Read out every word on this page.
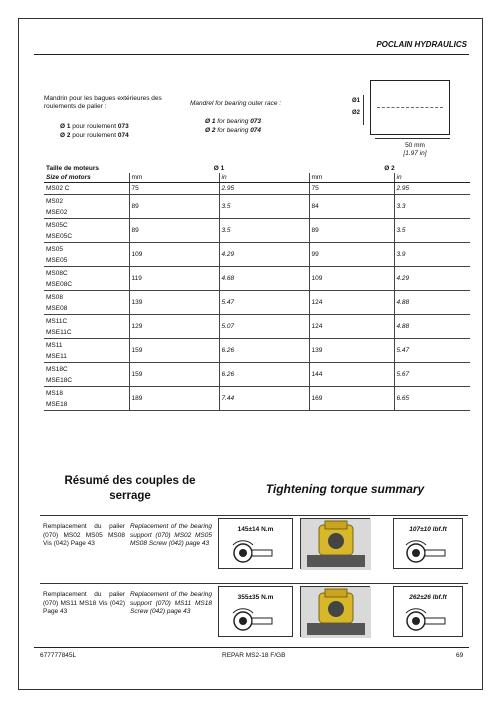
POCLAIN HYDRAULICS
Mandrin pour les bagues extérieures des roulements de palier :	Mandrel for bearing outer race :
Ø 1 pour roulement 073
Ø 2 pour roulement 074
Ø 1 for bearing 073
Ø 2 for bearing 074
Ø1
Ø2
50 mm
[1.97 in]
Taille de moteurs	Ø 1		Ø 2	
Size of motors	mm	in	mm	in

MS02 C	75	2.95	75	2.95

MS02
MSE02	89	3.5	84	3.3

MS05C
MSE05C	89	3.5	89	3.5

MS05
MSE05	109	4.29	99	3.9

MS08C
MSE08C	119	4.68	109	4.29

MS08
MSE08	139	5.47	124	4.88

MS11C
MSE11C	129	5.07	124	4.88

MS11
MSE11	159	6.26	139	5.47

MS18C
MSE18C	159	6.26	144	5.67

MS18
MSE18	189	7.44	169	6.65
Résumé des couples de serrage	Tightening torque summary
Remplacement du palier (070) MS02 MS05 MS08 Vis (042) Page 43
Replacement of the bearing support (070) MS02 MS05 MS08 Screw (042) page 43
145±14 N.m	107±10 lbf.ft
Remplacement du palier (070) MS11 MS18 Vis (042) Page 43
Replacement of the bearing support (070) MS11 MS18 Screw (042) page 43
355±35 N.m	262±26 lbf.ft
677777845L	REPAR MS2-18 F/GB	69
